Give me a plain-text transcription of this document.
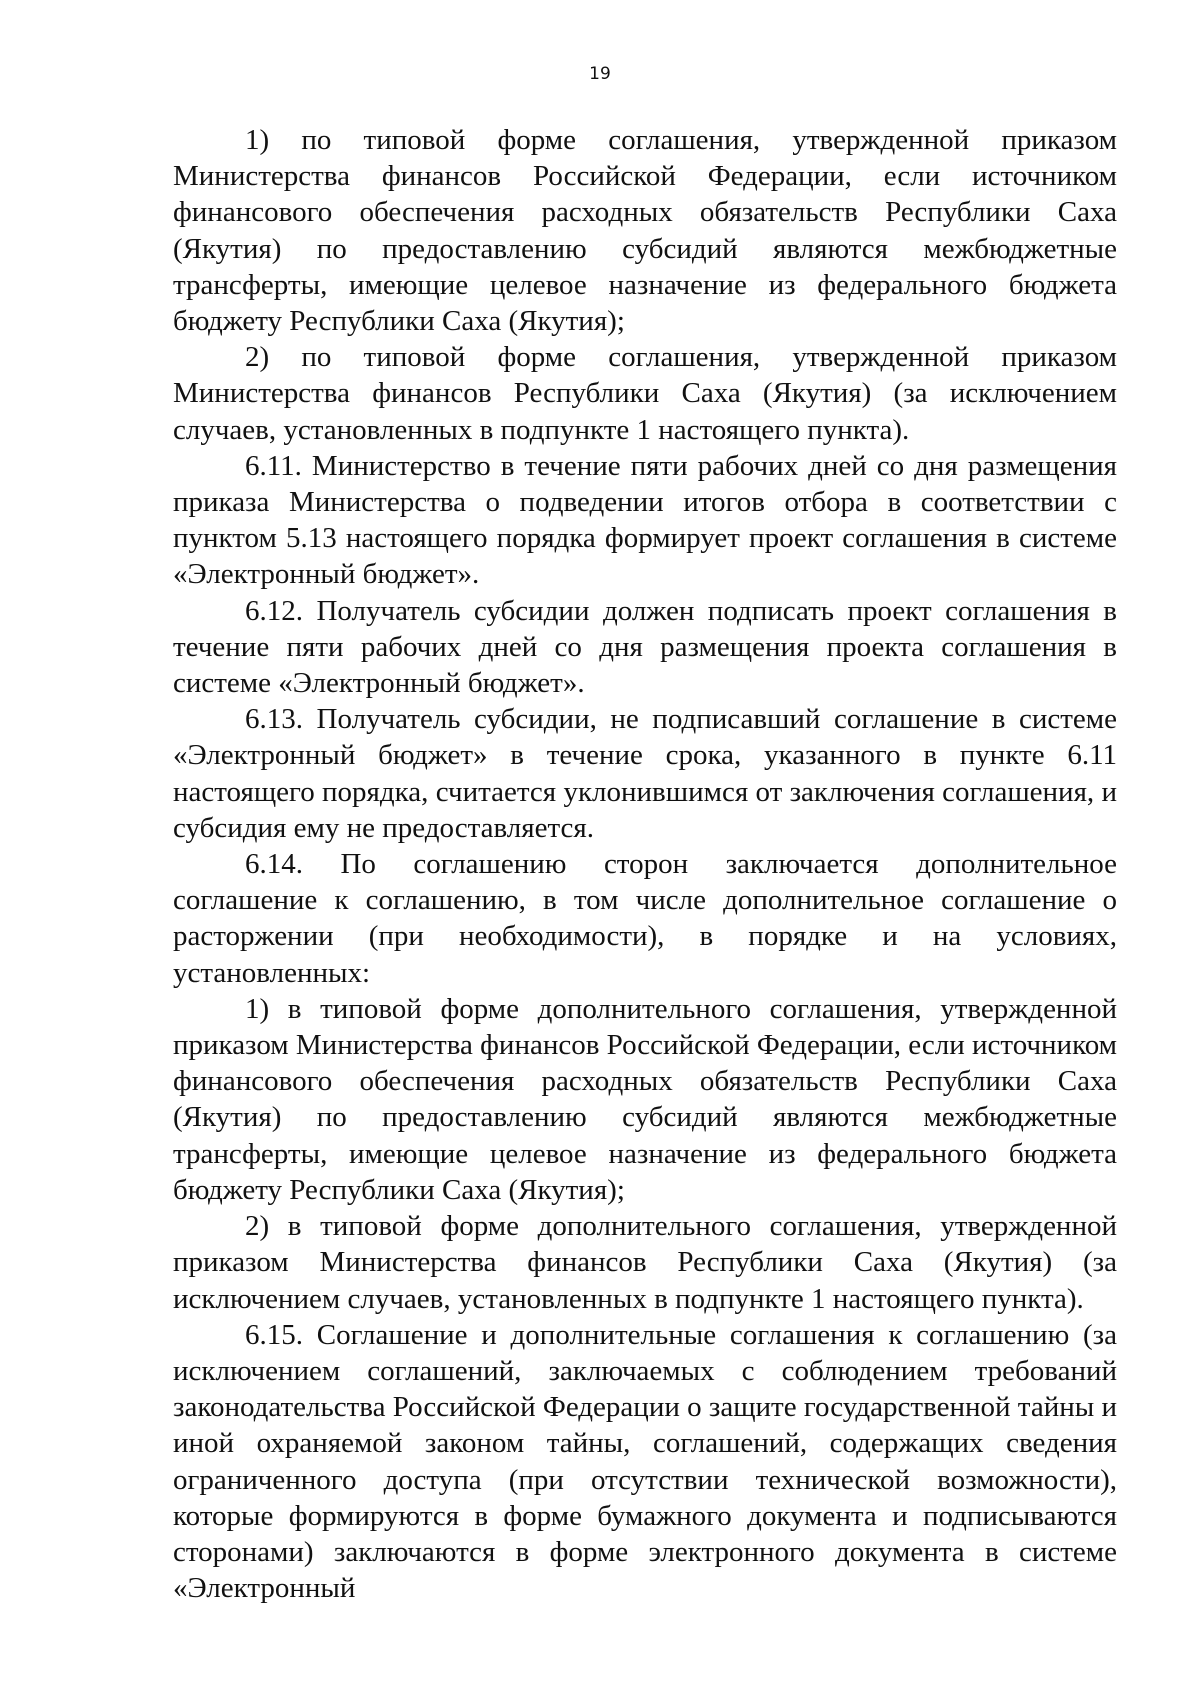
19

1) по типовой форме соглашения, утвержденной приказом Министерства финансов Российской Федерации, если источником финансового обеспечения расходных обязательств Республики Саха (Якутия) по предоставлению субсидий являются межбюджетные трансферты, имеющие целевое назначение из федерального бюджета бюджету Республики Саха (Якутия);

2) по типовой форме соглашения, утвержденной приказом Министерства финансов Республики Саха (Якутия) (за исключением случаев, установленных в подпункте 1 настоящего пункта).

6.11. Министерство в течение пяти рабочих дней со дня размещения приказа Министерства о подведении итогов отбора в соответствии с пунктом 5.13 настоящего порядка формирует проект соглашения в системе «Электронный бюджет».

6.12. Получатель субсидии должен подписать проект соглашения в течение пяти рабочих дней со дня размещения проекта соглашения в системе «Электронный бюджет».

6.13. Получатель субсидии, не подписавший соглашение в системе «Электронный бюджет» в течение срока, указанного в пункте 6.11 настоящего порядка, считается уклонившимся от заключения соглашения, и субсидия ему не предоставляется.

6.14. По соглашению сторон заключается дополнительное соглашение к соглашению, в том числе дополнительное соглашение о расторжении (при необходимости), в порядке и на условиях, установленных:

1) в типовой форме дополнительного соглашения, утвержденной приказом Министерства финансов Российской Федерации, если источником финансового обеспечения расходных обязательств Республики Саха (Якутия) по предоставлению субсидий являются межбюджетные трансферты, имеющие целевое назначение из федерального бюджета бюджету Республики Саха (Якутия);

2) в типовой форме дополнительного соглашения, утвержденной приказом Министерства финансов Республики Саха (Якутия) (за исключением случаев, установленных в подпункте 1 настоящего пункта).

6.15. Соглашение и дополнительные соглашения к соглашению (за исключением соглашений, заключаемых с соблюдением требований законодательства Российской Федерации о защите государственной тайны и иной охраняемой законом тайны, соглашений, содержащих сведения ограниченного доступа (при отсутствии технической возможности), которые формируются в форме бумажного документа и подписываются сторонами) заключаются в форме электронного документа в системе «Электронный
